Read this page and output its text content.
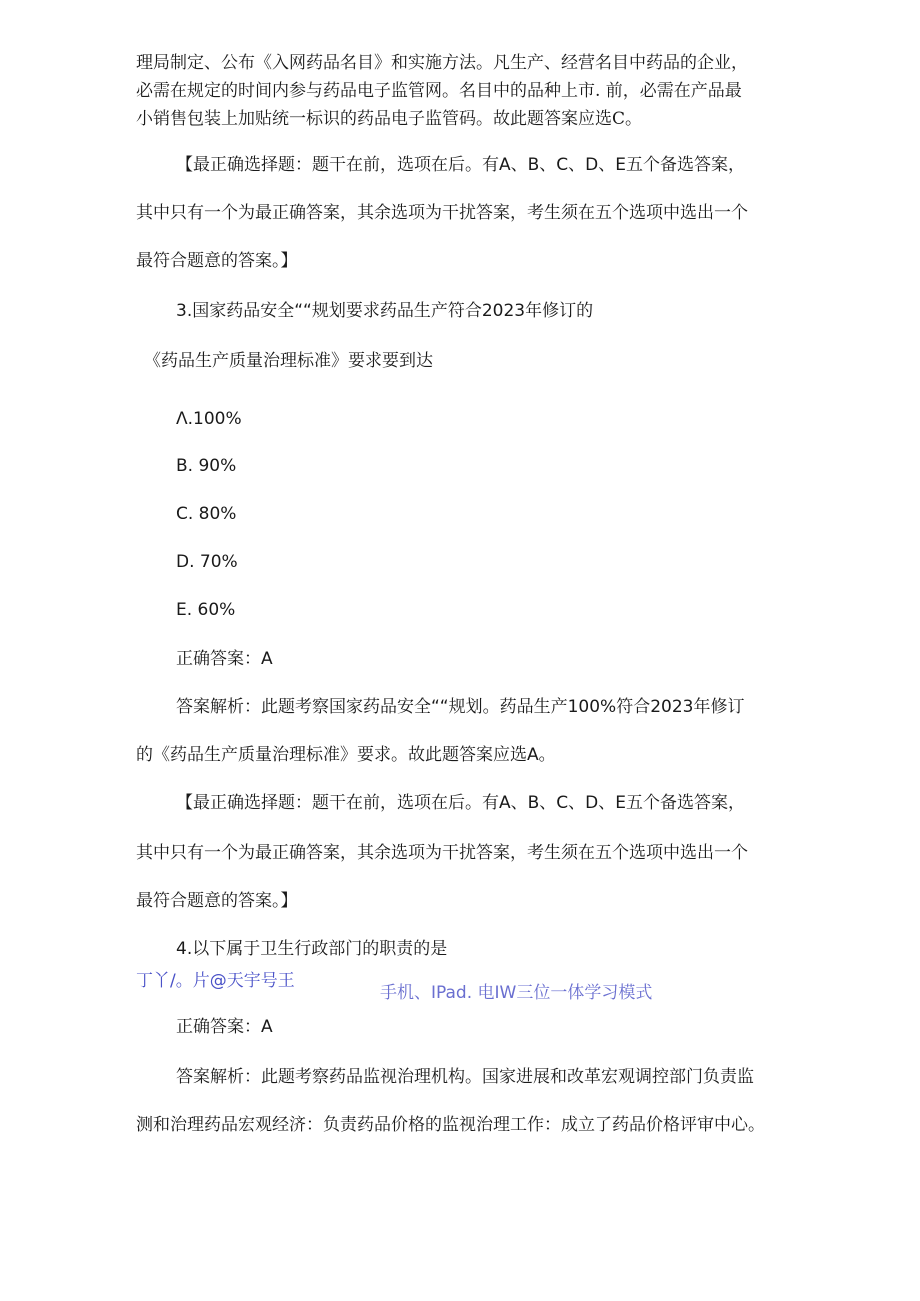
理局制定、公布《入网药品名目》和实施方法。凡生产、经营名目中药品的企业，

必需在规定的时间内参与药品电子监管网。名目中的品种上市. 前，必需在产品最

小销售包装上加贴统一标识的药品电子监管码。故此题答案应选C。

【最正确选择题：题干在前，选项在后。有A、B、C、D、E五个备选答案，

其中只有一个为最正确答案，其余选项为干扰答案，考生须在五个选项中选出一个

最符合题意的答案。】

3.国家药品安全““规划要求药品生产符合2023年修订的

《药品生产质量治理标准》要求要到达

Λ.100%

B. 90%

C. 80%

D. 70%

E. 60%

正确答案：A

答案解析：此题考察国家药品安全““规划。药品生产100%符合2023年修订

的《药品生产质量治理标准》要求。故此题答案应选A。

【最正确选择题：题干在前，选项在后。有A、B、C、D、E五个备选答案，

其中只有一个为最正确答案，其余选项为干扰答案，考生须在五个选项中选出一个

最符合题意的答案。】

4.以下属于卫生行政部门的职责的是

丁丫/。片@天宇号王

手机、IPad. 电IW三位一体学习模式

正确答案：A

答案解析：此题考察药品监视治理机构。国家进展和改革宏观调控部门负责监

测和治理药品宏观经济：负责药品价格的监视治理工作：成立了药品价格评审中心。
